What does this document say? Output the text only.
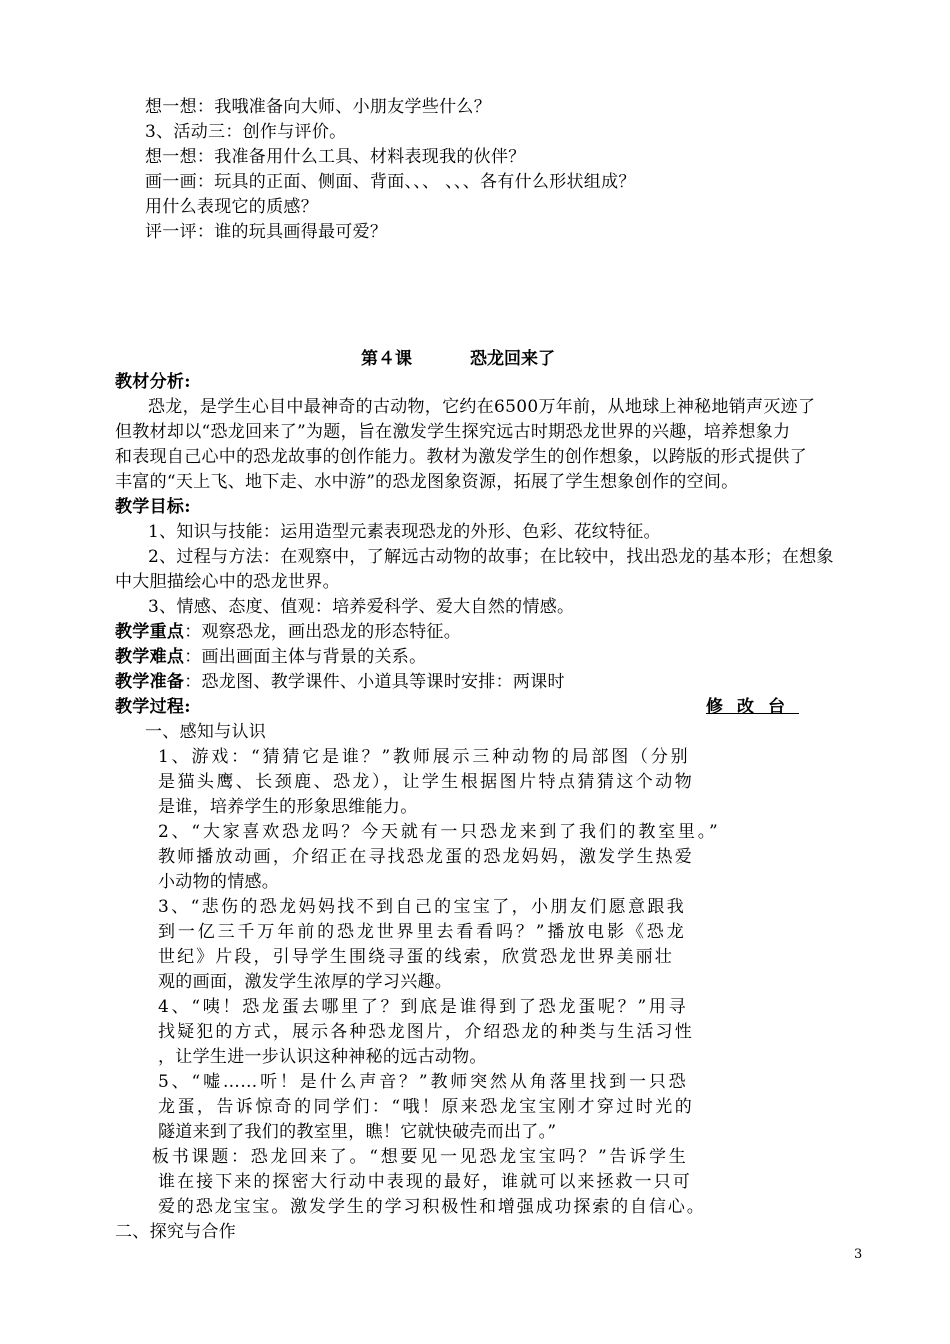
想一想：我哦准备向大师、小朋友学些什么？
3、活动三：创作与评价。
想一想：我准备用什么工具、材料表现我的伙伴？
画一画：玩具的正面、侧面、背面、、、 、、、各有什么形状组成？
用什么表现它的质感？
评一评：谁的玩具画得最可爱？
第４课	恐龙回来了
教材分析:
恐龙，是学生心目中最神奇的古动物，它约在6500万年前，从地球上神秘地销声灭迹了
但教材却以“恐龙回来了”为题，旨在激发学生探究远古时期恐龙世界的兴趣，培养想象力
和表现自己心中的恐龙故事的创作能力。教材为激发学生的创作想象，以跨版的形式提供了
丰富的“天上飞、地下走、水中游”的恐龙图象资源，拓展了学生想象创作的空间。
教学目标:
1、知识与技能：运用造型元素表现恐龙的外形、色彩、花纹特征。
2、过程与方法：在观察中，了解远古动物的故事；在比较中，找出恐龙的基本形；在想象
中大胆描绘心中的恐龙世界。
3、情感、态度、值观：培养爱科学、爱大自然的情感。
教学重点：观察恐龙，画出恐龙的形态特征。
教学难点：画出画面主体与背景的关系。
教学准备：恐龙图、教学课件、小道具等课时安排：两课时
教学过程:	修改台
一、感知与认识
1、游戏：“猜猜它是谁？”教师展示三种动物的局部图（分别
是猫头鹰、长颈鹿、恐龙），让学生根据图片特点猜猜这个动物
是谁，培养学生的形象思维能力。
2、“大家喜欢恐龙吗？今天就有一只恐龙来到了我们的教室里。”
教师播放动画，介绍正在寻找恐龙蛋的恐龙妈妈，激发学生热爱
小动物的情感。
3、“悲伤的恐龙妈妈找不到自己的宝宝了，小朋友们愿意跟我
到一亿三千万年前的恐龙世界里去看看吗？”播放电影《恐龙
世纪》片段，引导学生围绕寻蛋的线索，欣赏恐龙世界美丽壮
观的画面，激发学生浓厚的学习兴趣。
4、“咦！恐龙蛋去哪里了？到底是谁得到了恐龙蛋呢？”用寻
找疑犯的方式，展示各种恐龙图片，介绍恐龙的种类与生活习性
，让学生进一步认识这种神秘的远古动物。
5、“嘘……听！是什么声音？”教师突然从角落里找到一只恐
龙蛋，告诉惊奇的同学们：“哦！原来恐龙宝宝刚才穿过时光的
隧道来到了我们的教室里，瞧！它就快破壳而出了。”
板书课题：恐龙回来了。“想要见一见恐龙宝宝吗？”告诉学生
谁在接下来的探密大行动中表现的最好，谁就可以来拯救一只可
爱的恐龙宝宝。激发学生的学习积极性和增强成功探索的自信心。
二、探究与合作
3
